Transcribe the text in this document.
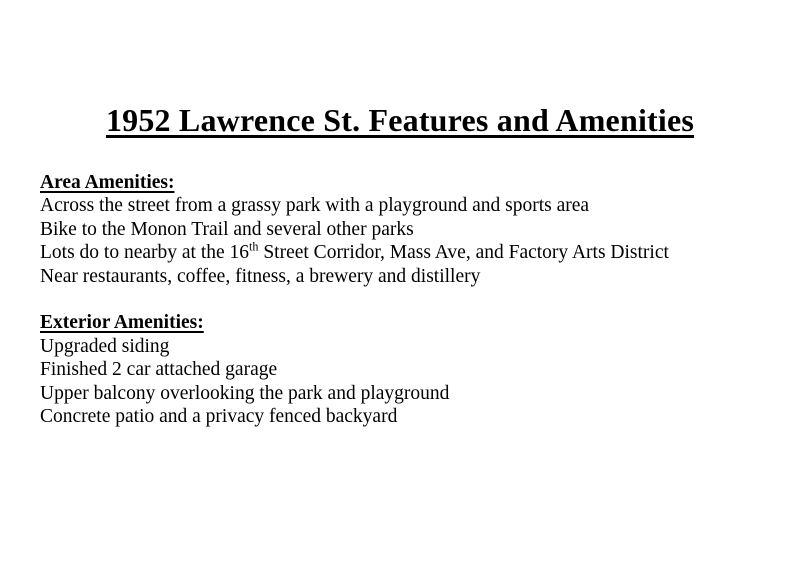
1952 Lawrence St. Features and Amenities
Area Amenities:
Across the street from a grassy park with a playground and sports area
Bike to the Monon Trail and several other parks
Lots do to nearby at the 16th Street Corridor, Mass Ave, and Factory Arts District
Near restaurants, coffee, fitness, a brewery and distillery
Exterior Amenities:
Upgraded siding
Finished 2 car attached garage
Upper balcony overlooking the park and playground
Concrete patio and a privacy fenced backyard
